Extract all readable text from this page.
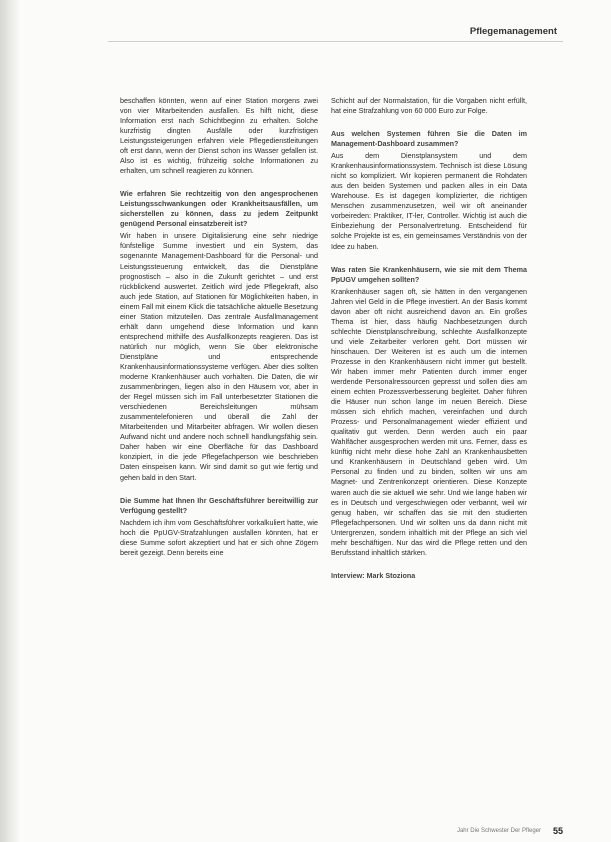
Pflegemanagement

beschaffen könnten, wenn auf einer Station morgens zwei von vier Mitarbeitenden ausfallen. Es hilft nicht, diese Information erst nach Schichtbeginn zu erhalten. Solche kurzfristig dingten Ausfälle oder kurzfristigen Leistungssteigerungen erfahren viele Pflegedienstleitungen oft erst dann, wenn der Dienst schon ins Wasser gefallen ist. Also ist es wichtig, frühzeitig solche Informationen zu erhalten, um schnell reagieren zu können.

Wie erfahren Sie rechtzeitig von den angesprochenen Leistungsschwankungen oder Krankheitsausfällen, um sicherstellen zu können, dass zu jedem Zeitpunkt genügend Personal einsatzbereit ist?

Wir haben in unsere Digitalisierung eine sehr niedrige fünfstellige Summe investiert und ein System, das sogenannte Management-Dashboard für die Personal- und Leistungssteuerung entwickelt, das die Dienstpläne prognostisch – also in die Zukunft gerichtet – und erst rückblickend auswertet. Zeitlich wird jede Pflegekraft, also auch jede Station, auf Stationen für Möglichkeiten haben, in einem Fall mit einem Klick die tatsächliche aktuelle Besetzung einer Station mitzuteilen. Das zentrale Ausfallmanagement erhält dann umgehend diese Information und kann entsprechend mithilfe des Ausfallkonzepts reagieren. Das ist natürlich nur möglich, wenn Sie über elektronische Dienstpläne und entsprechende Krankenhausinformationssysteme verfügen. Aber dies sollten moderne Krankenhäuser auch vorhalten. Die Daten, die wir zusammenbringen, liegen also in den Häusern vor, aber in der Regel müssen sich im Fall unterbesetzter Stationen die verschiedenen Bereichsleitungen mühsam zusammentelefonieren und überall die Zahl der Mitarbeitenden und Mitarbeiter abfragen. Wir wollen diesen Aufwand nicht und andere noch schnell handlungsfähig sein. Daher haben wir eine Oberfläche für das Dashboard konzipiert, in die jede Pflegefachperson wie beschrieben Daten einspeisen kann. Wir sind damit so gut wie fertig und gehen bald in den Start.

Die Summe hat Ihnen Ihr Geschäftsführer bereitwillig zur Verfügung gestellt?

Nachdem ich ihm vom Geschäftsführer vorkalkuliert hatte, wie hoch die PpUGV-Strafzahlungen ausfallen könnten, hat er diese Summe sofort akzeptiert und hat er sich ohne Zögern bereit gezeigt. Denn bereits eine

Schicht auf der Normalstation, für die Vorgaben nicht erfüllt, hat eine Strafzahlung von 60 000 Euro zur Folge.

Aus welchen Systemen führen Sie die Daten im Management-Dashboard zusammen?

Aus dem Dienstplansystem und dem Krankenhausinformationssystem. Technisch ist diese Lösung nicht so kompliziert. Wir kopieren permanent die Rohdaten aus den beiden Systemen und packen alles in ein Data Warehouse. Es ist dagegen komplizierter, die richtigen Menschen zusammenzusetzen, weil wir oft aneinander vorbeireden: Praktiker, IT-ler, Controller. Wichtig ist auch die Einbeziehung der Personalvertretung. Entscheidend für solche Projekte ist es, ein gemeinsames Verständnis von der Idee zu haben.

Was raten Sie Krankenhäusern, wie sie mit dem Thema PpUGV umgehen sollten?

Krankenhäuser sagen oft, sie hätten in den vergangenen Jahren viel Geld in die Pflege investiert. An der Basis kommt davon aber oft nicht ausreichend davon an. Ein großes Thema ist hier, dass häufig Nachbesetzungen durch schlechte Dienstplanschreibung, schlechte Ausfallkonzepte und viele Zeitarbeiter verloren geht. Dort müssen wir hinschauen. Der Weiteren ist es auch um die internen Prozesse in den Krankenhäusern nicht immer gut bestellt. Wir haben immer mehr Patienten durch immer enger werdende Personalressourcen gepresst und sollen dies am einem echten Prozessverbesserung begleitet. Daher führen die Häuser nun schon lange im neuen Bereich. Diese müssen sich ehrlich machen, vereinfachen und durch Prozess- und Personalmanagement wieder effizient und qualitativ gut werden. Denn werden auch ein paar Wahlfächer ausgesprochen werden mit uns. Ferner, dass es künftig nicht mehr diese hohe Zahl an Krankenhausbetten und Krankenhäusern in Deutschland geben wird. Um Personal zu finden und zu binden, sollten wir uns am Magnet- und Zentrenkonzept orientieren. Diese Konzepte waren auch die sie aktuell wie sehr. Und wie lange haben wir es in Deutsch und vergeschwiegen oder verbannt, weil wir genug haben, wir schaffen das sie mit den studierten Pflegefachpersonen. Und wir sollten uns da dann nicht mit Untergrenzen, sondern inhaltlich mit der Pflege an sich viel mehr beschäftigen. Nur das wird die Pflege retten und den Berufsstand inhaltlich stärken.

Interview: Mark Stoziona

Jahr Die Schwester Der Pfleger 55
